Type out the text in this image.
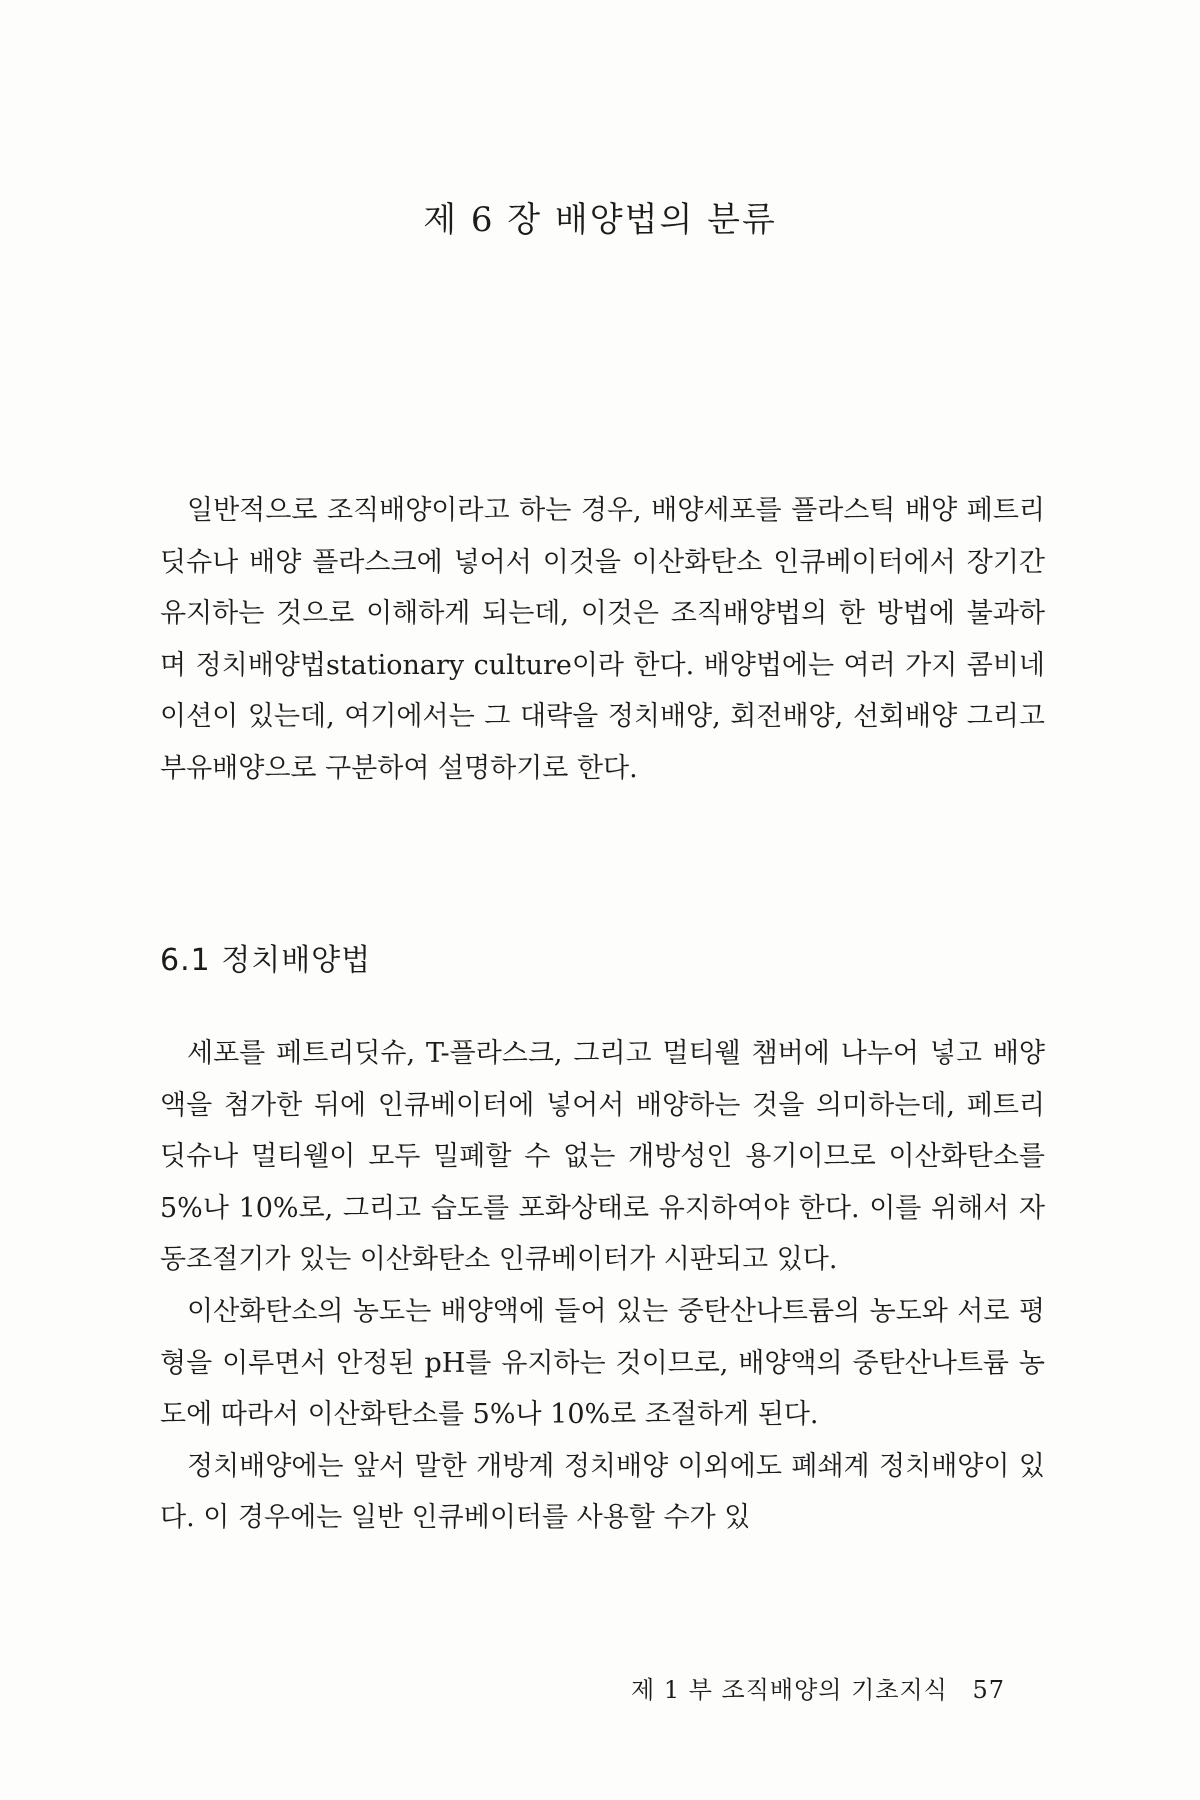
제 6 장 배양법의 분류

일반적으로 조직배양이라고 하는 경우, 배양세포를 플라스틱 배양 페트리딧슈나 배양 플라스크에 넣어서 이것을 이산화탄소 인큐베이터에서 장기간 유지하는 것으로 이해하게 되는데, 이것은 조직배양법의 한 방법에 불과하며 정치배양법stationary culture이라 한다. 배양법에는 여러 가지 콤비네이션이 있는데, 여기에서는 그 대략을 정치배양, 회전배양, 선회배양 그리고 부유배양으로 구분하여 설명하기로 한다.

6.1 정치배양법

세포를 페트리딧슈, T-플라스크, 그리고 멀티웰 챔버에 나누어 넣고 배양액을 첨가한 뒤에 인큐베이터에 넣어서 배양하는 것을 의미하는데, 페트리딧슈나 멀티웰이 모두 밀폐할 수 없는 개방성인 용기이므로 이산화탄소를 5%나 10%로, 그리고 습도를 포화상태로 유지하여야 한다. 이를 위해서 자동조절기가 있는 이산화탄소 인큐베이터가 시판되고 있다.

이산화탄소의 농도는 배양액에 들어 있는 중탄산나트륨의 농도와 서로 평형을 이루면서 안정된 pH를 유지하는 것이므로, 배양액의 중탄산나트륨 농도에 따라서 이산화탄소를 5%나 10%로 조절하게 된다.

정치배양에는 앞서 말한 개방계 정치배양 이외에도 폐쇄계 정치배양이 있다. 이 경우에는 일반 인큐베이터를 사용할 수가 있

제 1 부 조직배양의 기초지식 57
